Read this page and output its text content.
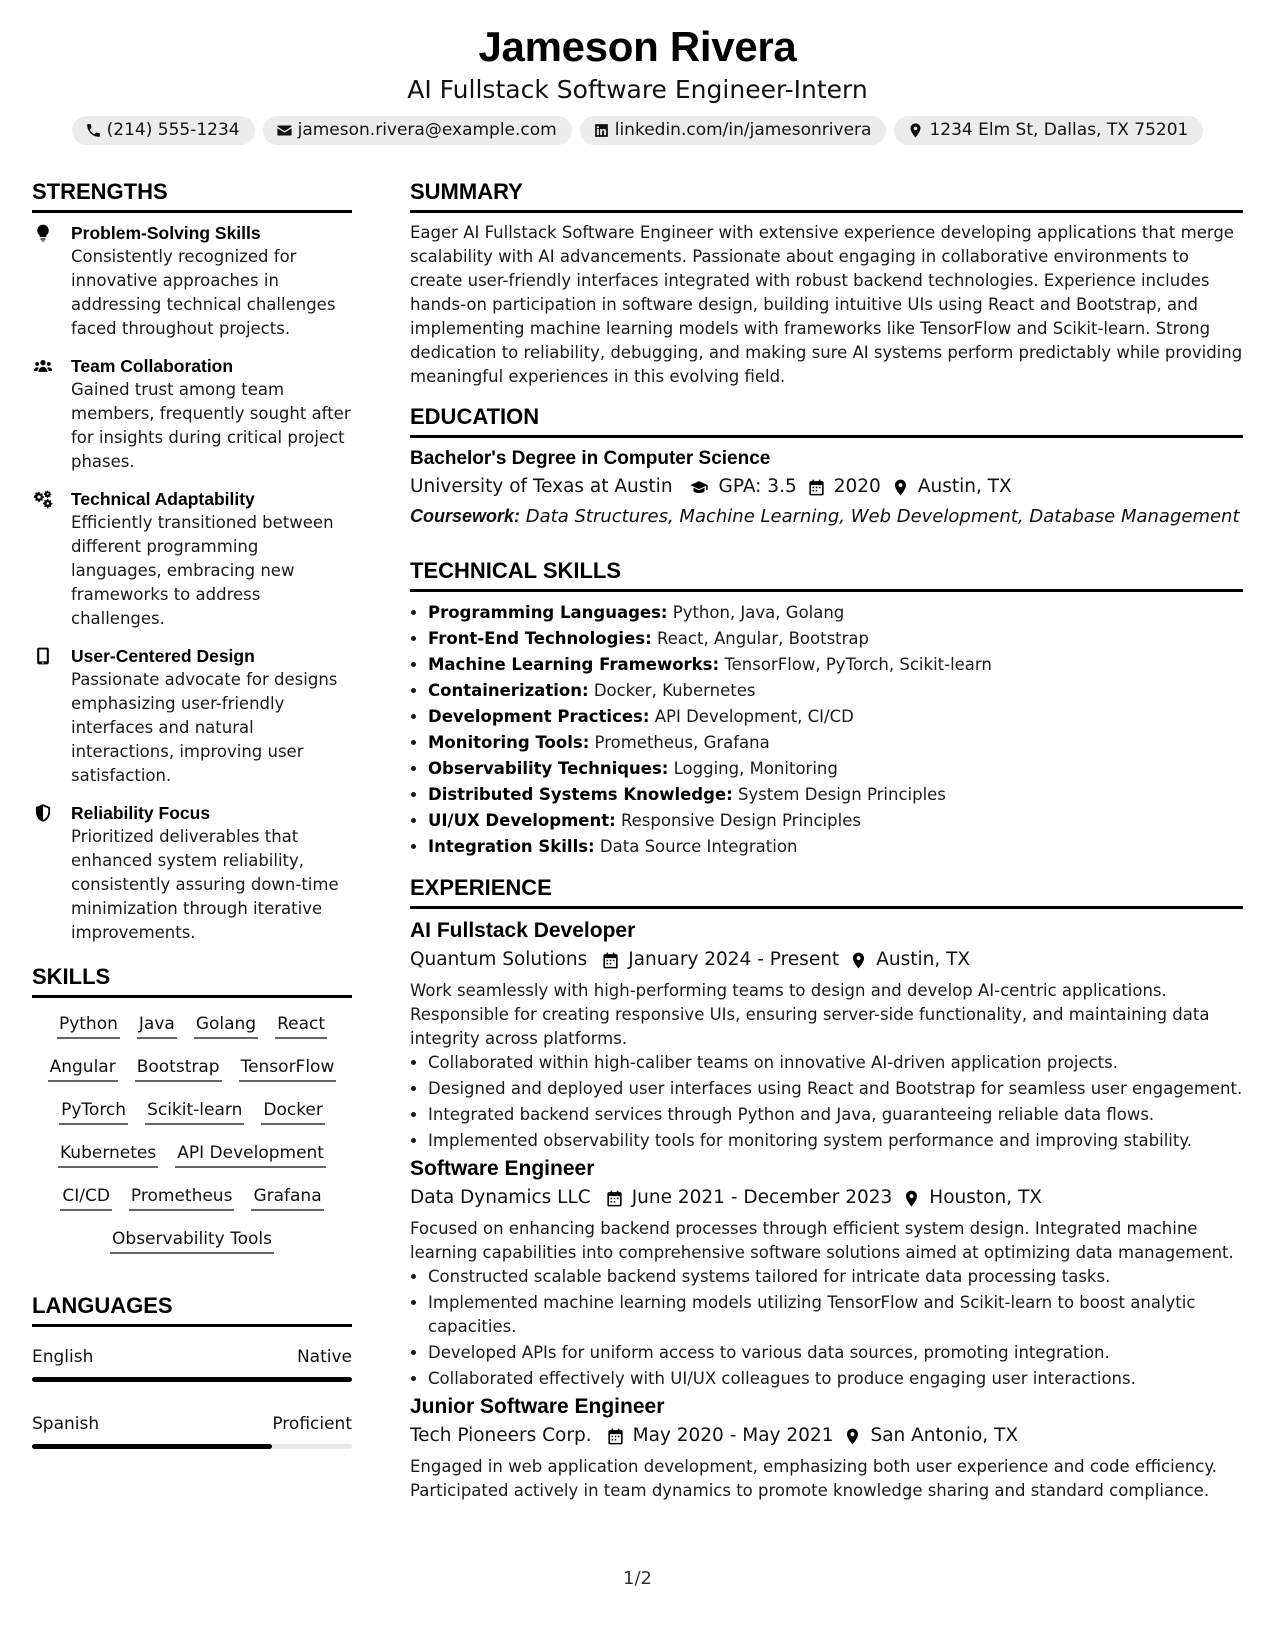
Jameson Rivera
AI Fullstack Software Engineer-Intern
(214) 555-1234	jameson.rivera@example.com	linkedin.com/in/jamesonrivera	1234 Elm St, Dallas, TX 75201
STRENGTHS
Problem-Solving Skills
Consistently recognized for innovative approaches in addressing technical challenges faced throughout projects.
Team Collaboration
Gained trust among team members, frequently sought after for insights during critical project phases.
Technical Adaptability
Efficiently transitioned between different programming languages, embracing new frameworks to address challenges.
User-Centered Design
Passionate advocate for designs emphasizing user-friendly interfaces and natural interactions, improving user satisfaction.
Reliability Focus
Prioritized deliverables that enhanced system reliability, consistently assuring down-time minimization through iterative improvements.
SKILLS
Python Java Golang React
Angular Bootstrap TensorFlow
PyTorch Scikit-learn Docker
Kubernetes API Development
CI/CD Prometheus Grafana
Observability Tools
LANGUAGES
English	Native
Spanish	Proficient
SUMMARY
Eager AI Fullstack Software Engineer with extensive experience developing applications that merge scalability with AI advancements. Passionate about engaging in collaborative environments to create user-friendly interfaces integrated with robust backend technologies. Experience includes hands-on participation in software design, building intuitive UIs using React and Bootstrap, and implementing machine learning models with frameworks like TensorFlow and Scikit-learn. Strong dedication to reliability, debugging, and making sure AI systems perform predictably while providing meaningful experiences in this evolving field.
EDUCATION
Bachelor's Degree in Computer Science
University of Texas at Austin GPA: 3.5 2020 Austin, TX
Coursework: Data Structures, Machine Learning, Web Development, Database Management
TECHNICAL SKILLS
• Programming Languages: Python, Java, Golang
• Front-End Technologies: React, Angular, Bootstrap
• Machine Learning Frameworks: TensorFlow, PyTorch, Scikit-learn
• Containerization: Docker, Kubernetes
• Development Practices: API Development, CI/CD
• Monitoring Tools: Prometheus, Grafana
• Observability Techniques: Logging, Monitoring
• Distributed Systems Knowledge: System Design Principles
• UI/UX Development: Responsive Design Principles
• Integration Skills: Data Source Integration
EXPERIENCE
AI Fullstack Developer
Quantum Solutions January 2024 - Present Austin, TX
Work seamlessly with high-performing teams to design and develop AI-centric applications. Responsible for creating responsive UIs, ensuring server-side functionality, and maintaining data integrity across platforms.
• Collaborated within high-caliber teams on innovative AI-driven application projects.
• Designed and deployed user interfaces using React and Bootstrap for seamless user engagement.
• Integrated backend services through Python and Java, guaranteeing reliable data flows.
• Implemented observability tools for monitoring system performance and improving stability.
Software Engineer
Data Dynamics LLC June 2021 - December 2023 Houston, TX
Focused on enhancing backend processes through efficient system design. Integrated machine learning capabilities into comprehensive software solutions aimed at optimizing data management.
• Constructed scalable backend systems tailored for intricate data processing tasks.
• Implemented machine learning models utilizing TensorFlow and Scikit-learn to boost analytic capacities.
• Developed APIs for uniform access to various data sources, promoting integration.
• Collaborated effectively with UI/UX colleagues to produce engaging user interactions.
Junior Software Engineer
Tech Pioneers Corp. May 2020 - May 2021 San Antonio, TX
Engaged in web application development, emphasizing both user experience and code efficiency. Participated actively in team dynamics to promote knowledge sharing and standard compliance.
1/2
